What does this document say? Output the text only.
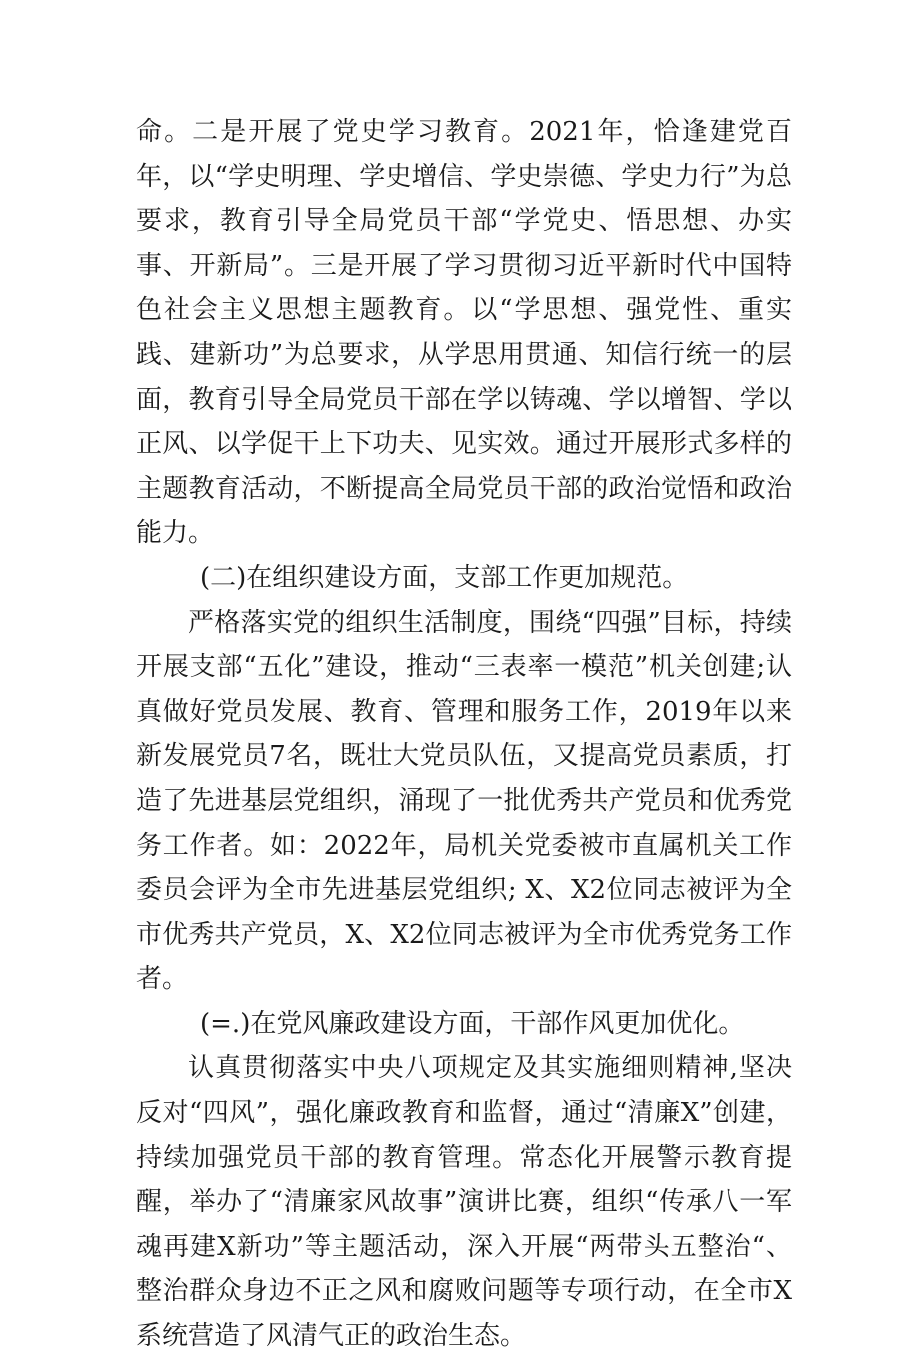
命。二是开展了党史学习教育。2021年，恰逢建党百年，以“学史明理、学史增信、学史崇德、学史力行”为总要求，教育引导全局党员干部“学党史、悟思想、办实事、开新局”。三是开展了学习贯彻习近平新时代中国特色社会主义思想主题教育。以“学思想、强党性、重实践、建新功”为总要求，从学思用贯通、知信行统一的层面，教育引导全局党员干部在学以铸魂、学以增智、学以正风、以学促干上下功夫、见实效。通过开展形式多样的主题教育活动，不断提高全局党员干部的政治觉悟和政治能力。

(二)在组织建设方面，支部工作更加规范。

严格落实党的组织生活制度，围绕“四强”目标，持续开展支部“五化”建设，推动“三表率一模范”机关创建;认真做好党员发展、教育、管理和服务工作，2019年以来新发展党员7名，既壮大党员队伍，又提高党员素质，打造了先进基层党组织，涌现了一批优秀共产党员和优秀党务工作者。如：2022年，局机关党委被市直属机关工作委员会评为全市先进基层党组织; X、X2位同志被评为全市优秀共产党员，X、X2位同志被评为全市优秀党务工作者。

(=.)在党风廉政建设方面，干部作风更加优化。

认真贯彻落实中央八项规定及其实施细则精神,坚决反对“四风”，强化廉政教育和监督，通过“清廉X”创建，持续加强党员干部的教育管理。常态化开展警示教育提醒，举办了“清廉家风故事”演讲比赛，组织“传承八一军魂再建X新功”等主题活动，深入开展“两带头五整治“、整治群众身边不正之风和腐败问题等专项行动，在全市X系统营造了风清气正的政治生态。
